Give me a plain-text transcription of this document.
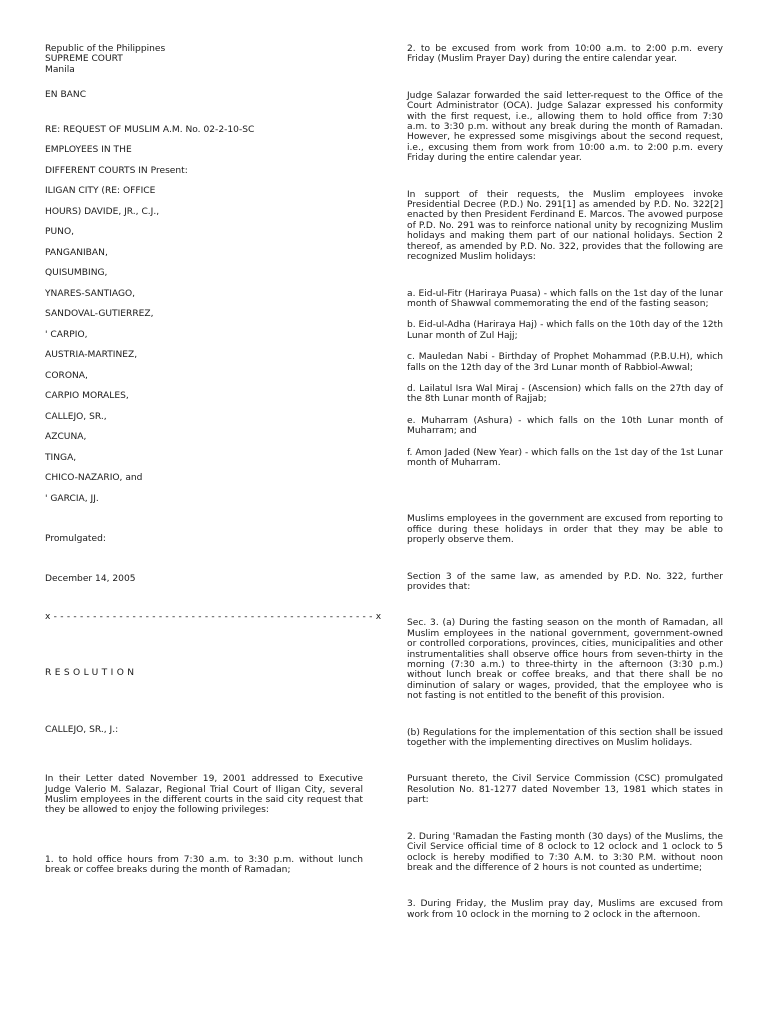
Republic of the Philippines
SUPREME COURT
Manila
EN BANC
RE: REQUEST OF MUSLIM A.M. No. 02-2-10-SC
EMPLOYEES IN THE
DIFFERENT COURTS IN Present:
ILIGAN CITY (RE: OFFICE
HOURS) DAVIDE, JR., C.J.,
PUNO,
PANGANIBAN,
QUISUMBING,
YNARES-SANTIAGO,
SANDOVAL-GUTIERREZ,
' CARPIO,
AUSTRIA-MARTINEZ,
CORONA,
CARPIO MORALES,
CALLEJO, SR.,
AZCUNA,
TINGA,
CHICO-NAZARIO, and
' GARCIA, JJ.
Promulgated:
December 14, 2005
x - - - - - - - - - - - - - - - - - - - - - - - - - - - - - - - - - - - - - - - - - - - - - - - - - x
RESOLUTION
CALLEJO, SR., J.:
In their Letter dated November 19, 2001 addressed to Executive Judge Valerio M. Salazar, Regional Trial Court of Iligan City, several Muslim employees in the different courts in the said city request that they be allowed to enjoy the following privileges:
1. to hold office hours from 7:30 a.m. to 3:30 p.m. without lunch break or coffee breaks during the month of Ramadan;
2. to be excused from work from 10:00 a.m. to 2:00 p.m. every Friday (Muslim Prayer Day) during the entire calendar year.
Judge Salazar forwarded the said letter-request to the Office of the Court Administrator (OCA). Judge Salazar expressed his conformity with the first request, i.e., allowing them to hold office from 7:30 a.m. to 3:30 p.m. without any break during the month of Ramadan. However, he expressed some misgivings about the second request, i.e., excusing them from work from 10:00 a.m. to 2:00 p.m. every Friday during the entire calendar year.
In support of their requests, the Muslim employees invoke Presidential Decree (P.D.) No. 291[1] as amended by P.D. No. 322[2] enacted by then President Ferdinand E. Marcos. The avowed purpose of P.D. No. 291 was to reinforce national unity by recognizing Muslim holidays and making them part of our national holidays. Section 2 thereof, as amended by P.D. No. 322, provides that the following are recognized Muslim holidays:
a. Eid-ul-Fitr (Hariraya Puasa) - which falls on the 1st day of the lunar month of Shawwal commemorating the end of the fasting season;
b. Eid-ul-Adha (Hariraya Haj) - which falls on the 10th day of the 12th Lunar month of Zul Hajj;
c. Mauledan Nabi - Birthday of Prophet Mohammad (P.B.U.H), which falls on the 12th day of the 3rd Lunar month of Rabbiol-Awwal;
d. Lailatul Isra Wal Miraj - (Ascension) which falls on the 27th day of the 8th Lunar month of Rajjab;
e. Muharram (Ashura) - which falls on the 10th Lunar month of Muharram; and
f. Amon Jaded (New Year) - which falls on the 1st day of the 1st Lunar month of Muharram.
Muslims employees in the government are excused from reporting to office during these holidays in order that they may be able to properly observe them.
Section 3 of the same law, as amended by P.D. No. 322, further provides that:
Sec. 3. (a) During the fasting season on the month of Ramadan, all Muslim employees in the national government, government-owned or controlled corporations, provinces, cities, municipalities and other instrumentalities shall observe office hours from seven-thirty in the morning (7:30 a.m.) to three-thirty in the afternoon (3:30 p.m.) without lunch break or coffee breaks, and that there shall be no diminution of salary or wages, provided, that the employee who is not fasting is not entitled to the benefit of this provision.
(b) Regulations for the implementation of this section shall be issued together with the implementing directives on Muslim holidays.
Pursuant thereto, the Civil Service Commission (CSC) promulgated Resolution No. 81-1277 dated November 13, 1981 which states in part:
2. During 'Ramadan the Fasting month (30 days) of the Muslims, the Civil Service official time of 8 oclock to 12 oclock and 1 oclock to 5 oclock is hereby modified to 7:30 A.M. to 3:30 P.M. without noon break and the difference of 2 hours is not counted as undertime;
3. During Friday, the Muslim pray day, Muslims are excused from work from 10 oclock in the morning to 2 oclock in the afternoon.
